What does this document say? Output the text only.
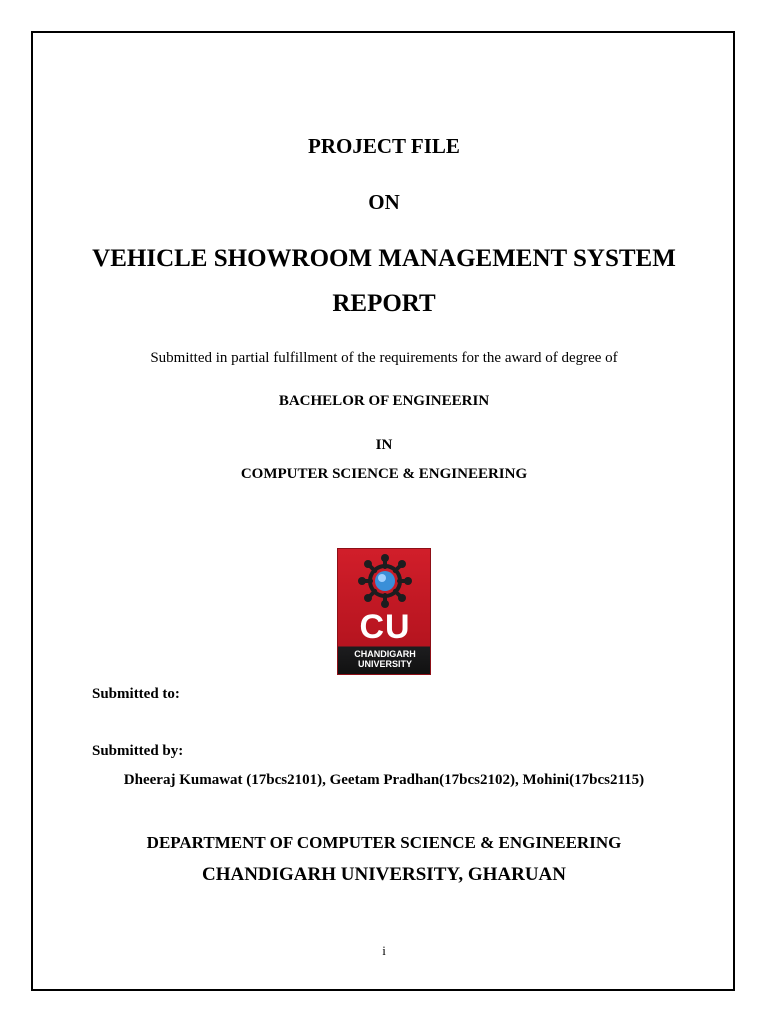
PROJECT FILE
ON
VEHICLE SHOWROOM MANAGEMENT SYSTEM
REPORT
Submitted in partial fulfillment of the requirements for the award of degree of
BACHELOR OF ENGINEERIN
IN
COMPUTER SCIENCE & ENGINEERING
CU
CHANDIGARH
UNIVERSITY
Submitted to:
Submitted by:
Dheeraj Kumawat (17bcs2101), Geetam Pradhan(17bcs2102), Mohini(17bcs2115)
DEPARTMENT OF COMPUTER SCIENCE & ENGINEERING
CHANDIGARH UNIVERSITY, GHARUAN
i
